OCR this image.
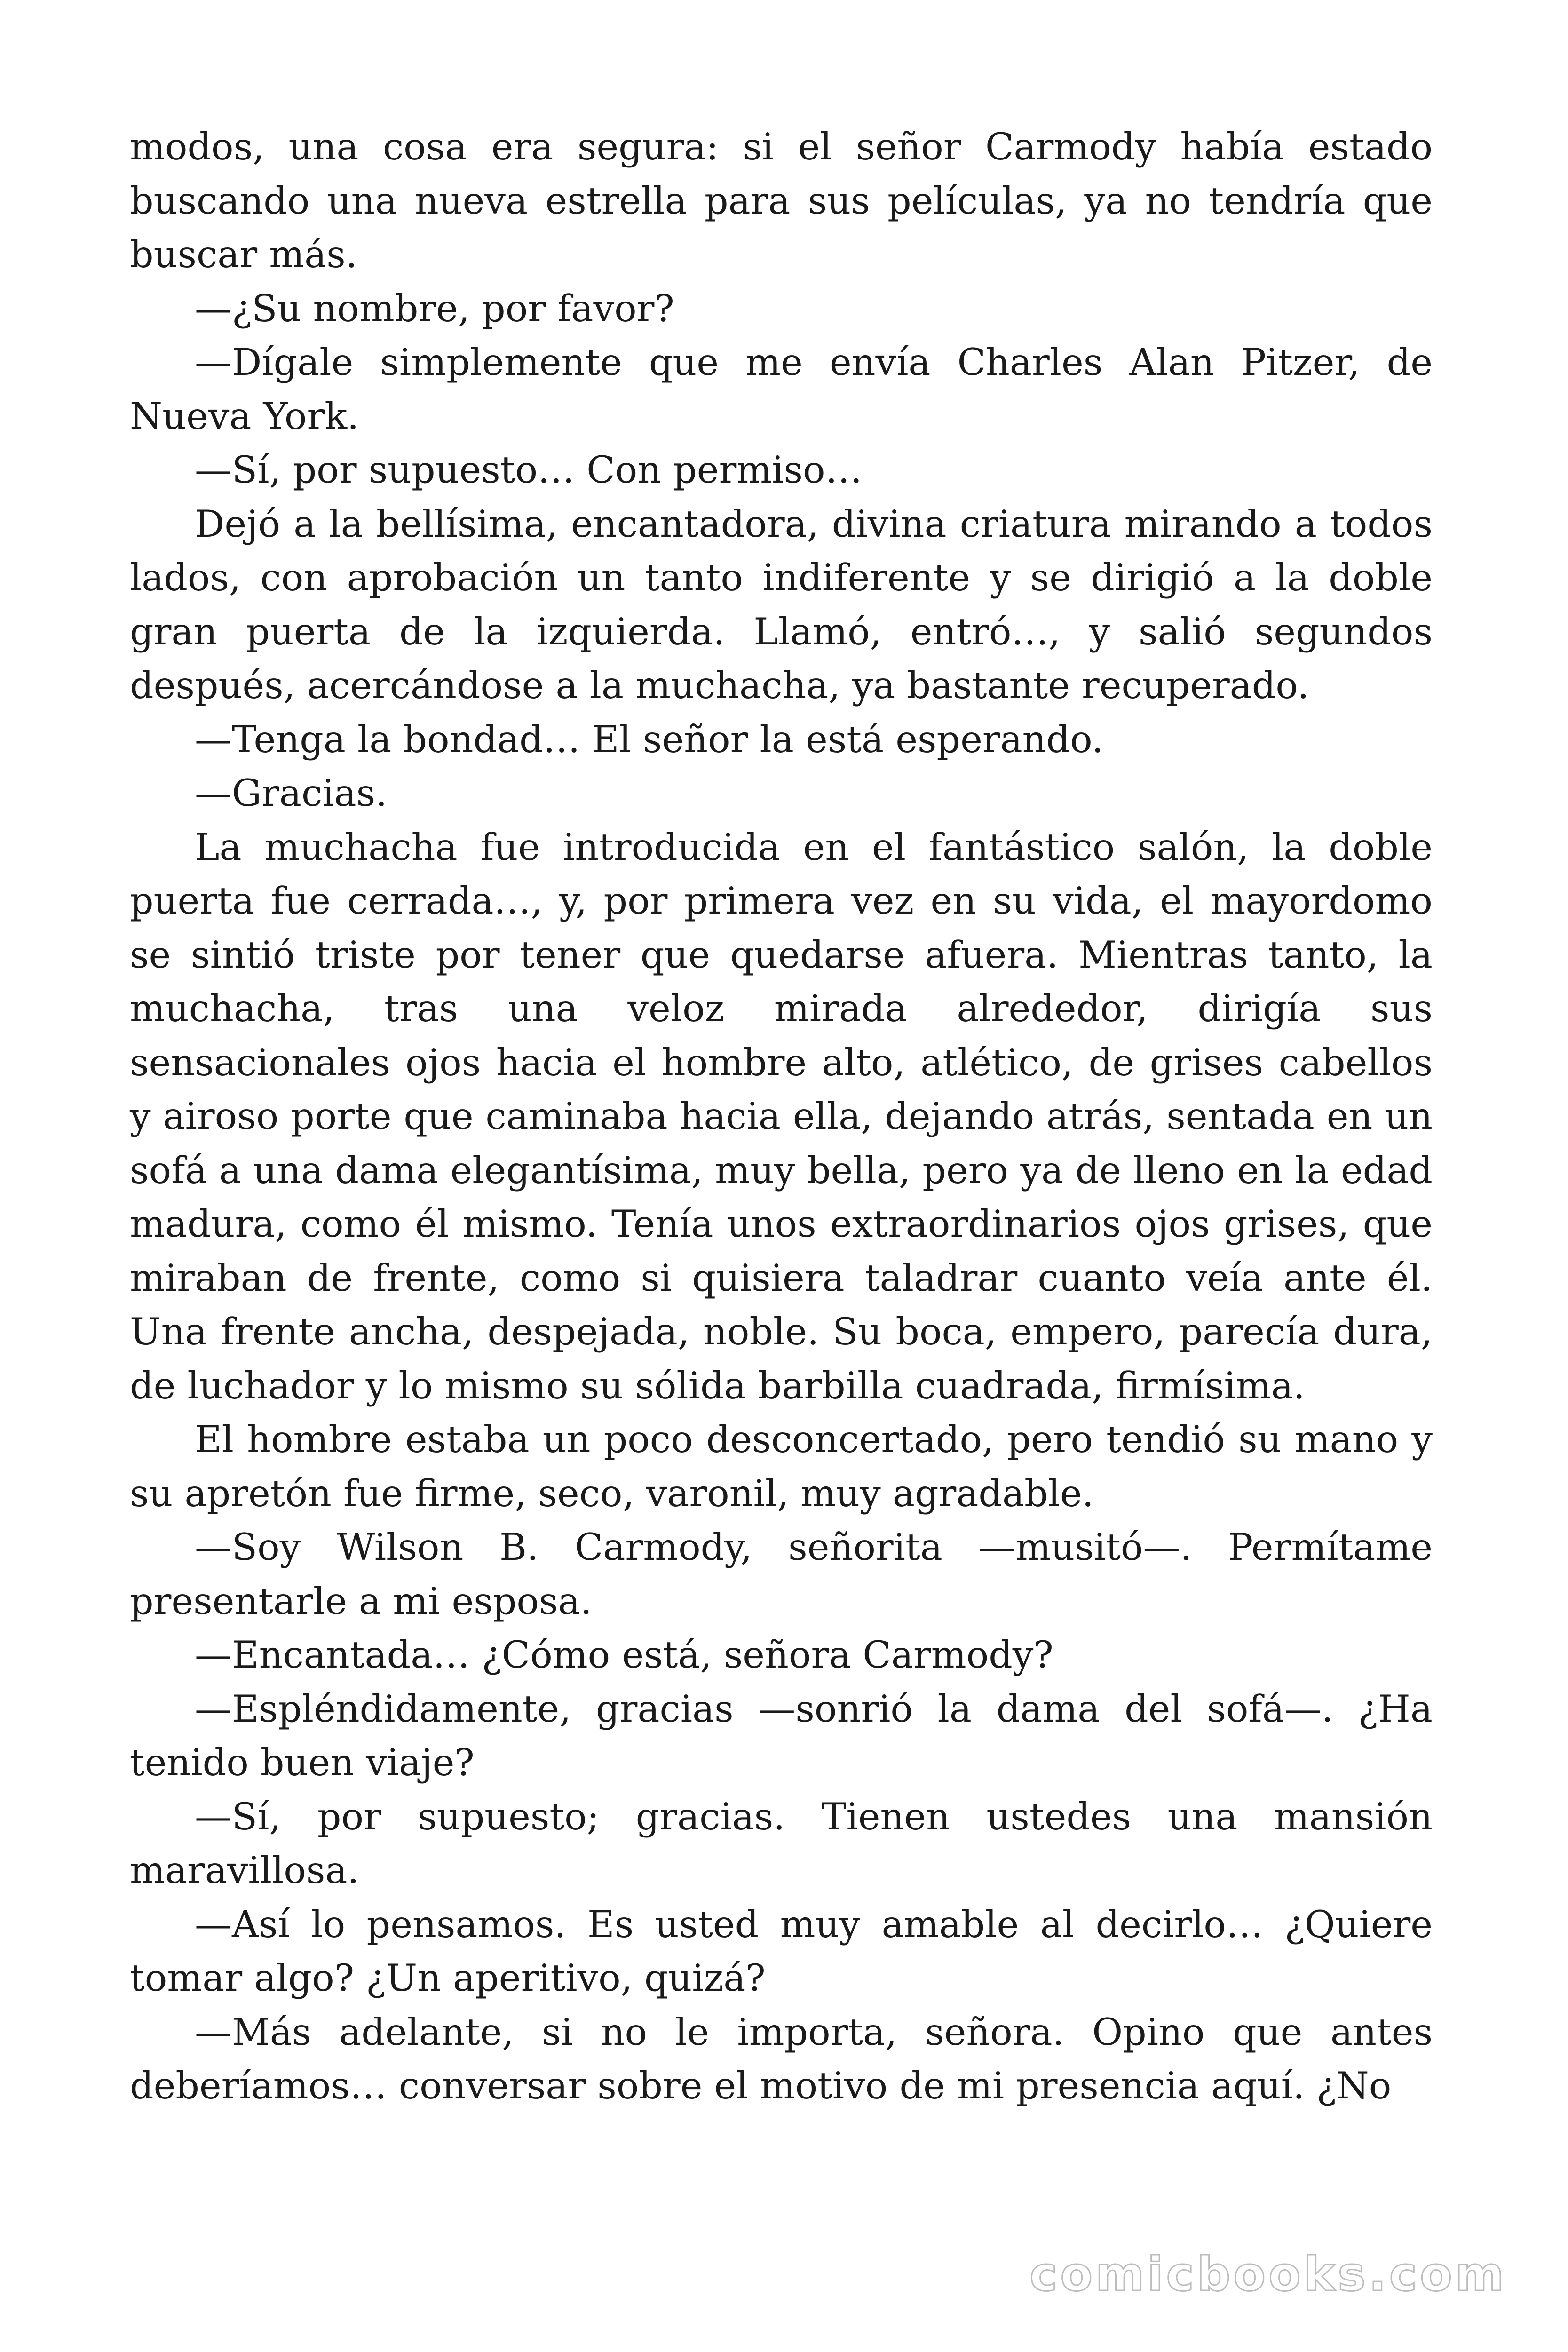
modos, una cosa era segura: si el señor Carmody había estado buscando una nueva estrella para sus películas, ya no tendría que buscar más.

—¿Su nombre, por favor?

—Dígale simplemente que me envía Charles Alan Pitzer, de Nueva York.

—Sí, por supuesto… Con permiso…

Dejó a la bellísima, encantadora, divina criatura mirando a todos lados, con aprobación un tanto indiferente y se dirigió a la doble gran puerta de la izquierda. Llamó, entró…, y salió segundos después, acercándose a la muchacha, ya bastante recuperado.

—Tenga la bondad… El señor la está esperando.

—Gracias.

La muchacha fue introducida en el fantástico salón, la doble puerta fue cerrada…, y, por primera vez en su vida, el mayordomo se sintió triste por tener que quedarse afuera. Mientras tanto, la muchacha, tras una veloz mirada alrededor, dirigía sus sensacionales ojos hacia el hombre alto, atlético, de grises cabellos y airoso porte que caminaba hacia ella, dejando atrás, sentada en un sofá a una dama elegantísima, muy bella, pero ya de lleno en la edad madura, como él mismo. Tenía unos extraordinarios ojos grises, que miraban de frente, como si quisiera taladrar cuanto veía ante él. Una frente ancha, despejada, noble. Su boca, empero, parecía dura, de luchador y lo mismo su sólida barbilla cuadrada, firmísima.

El hombre estaba un poco desconcertado, pero tendió su mano y su apretón fue firme, seco, varonil, muy agradable.

—Soy Wilson B. Carmody, señorita —musitó—. Permítame presentarle a mi esposa.

—Encantada… ¿Cómo está, señora Carmody?

—Espléndidamente, gracias —sonrió la dama del sofá—. ¿Ha tenido buen viaje?

—Sí, por supuesto; gracias. Tienen ustedes una mansión maravillosa.

—Así lo pensamos. Es usted muy amable al decirlo… ¿Quiere tomar algo? ¿Un aperitivo, quizá?

—Más adelante, si no le importa, señora. Opino que antes deberíamos… conversar sobre el motivo de mi presencia aquí. ¿No

comicbooks.com
